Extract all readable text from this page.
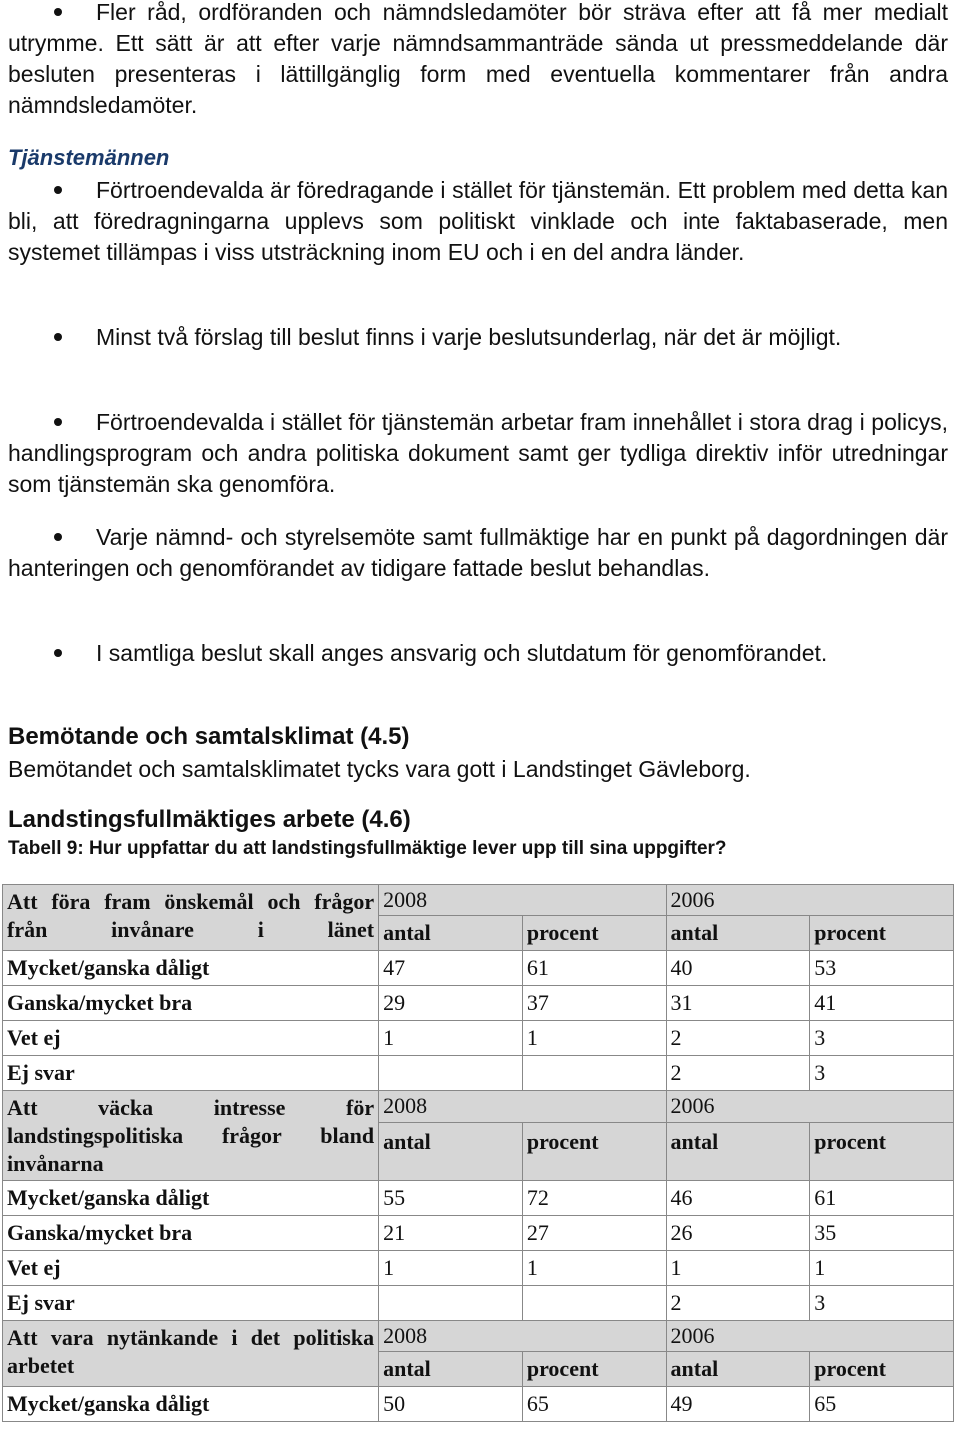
Fler råd, ordföranden och nämndsledamöter bör sträva efter att få mer medialt utrymme. Ett sätt är att efter varje nämndsammanträde sända ut pressmeddelande där besluten presenteras i lättillgänglig form med eventuella kommentarer från andra nämndsledamöter.

Tjänstemännen

Förtroendevalda är föredragande i stället för tjänstemän. Ett problem med detta kan bli, att föredragningarna upplevs som politiskt vinklade och inte faktabaserade, men systemet tillämpas i viss utsträckning inom EU och i en del andra länder.

Minst två förslag till beslut finns i varje beslutsunderlag, när det är möjligt.

Förtroendevalda i stället för tjänstemän arbetar fram innehållet i stora drag i policys, handlingsprogram och andra politiska dokument samt ger tydliga direktiv inför utredningar som tjänstemän ska genomföra.

Varje nämnd- och styrelsemöte samt fullmäktige har en punkt på dagordningen där hanteringen och genomförandet av tidigare fattade beslut behandlas.

I samtliga beslut skall anges ansvarig och slutdatum för genomförandet.

Bemötande och samtalsklimat (4.5)

Bemötandet och samtalsklimatet tycks vara gott i Landstinget Gävleborg.

Landstingsfullmäktiges arbete (4.6)

Tabell 9: Hur uppfattar du att landstingsfullmäktige lever upp till sina uppgifter?

Att föra fram önskemål och frågor från invånare i länet	2008		2006	
	antal	procent	antal	procent
Mycket/ganska dåligt	47	61	40	53
Ganska/mycket bra	29	37	31	41
Vet ej	1	1	2	3
Ej svar			2	3
Att väcka intresse för landstingspolitiska frågor bland invånarna	2008		2006	
	antal	procent	antal	procent
Mycket/ganska dåligt	55	72	46	61
Ganska/mycket bra	21	27	26	35
Vet ej	1	1	1	1
Ej svar			2	3
Att vara nytänkande i det politiska arbetet	2008		2006	
	antal	procent	antal	procent
Mycket/ganska dåligt	50	65	49	65
